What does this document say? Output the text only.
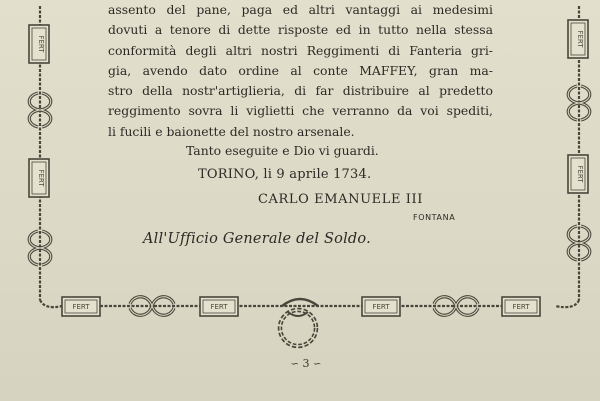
FERT
FERT
FERT
FERT
FERT	FERT	FERT	FERT
assento del pane, paga ed altri vantaggi ai medesimi
dovuti a tenore di dette risposte ed in tutto nella stessa
conformità degli altri nostri Reggimenti di Fanteria gri-
gia, avendo dato ordine al conte MAFFEY, gran ma-
stro della nostr'artiglieria, di far distribuire al predetto
reggimento sovra li viglietti che verranno da voi spediti,
li fucili e baionette del nostro arsenale.
Tanto eseguite e Dio vi guardi.
TORINO, li 9 aprile 1734.
CARLO EMANUELE III
FONTANA
All'Ufficio Generale del Soldo.
∽ 3 ∽
